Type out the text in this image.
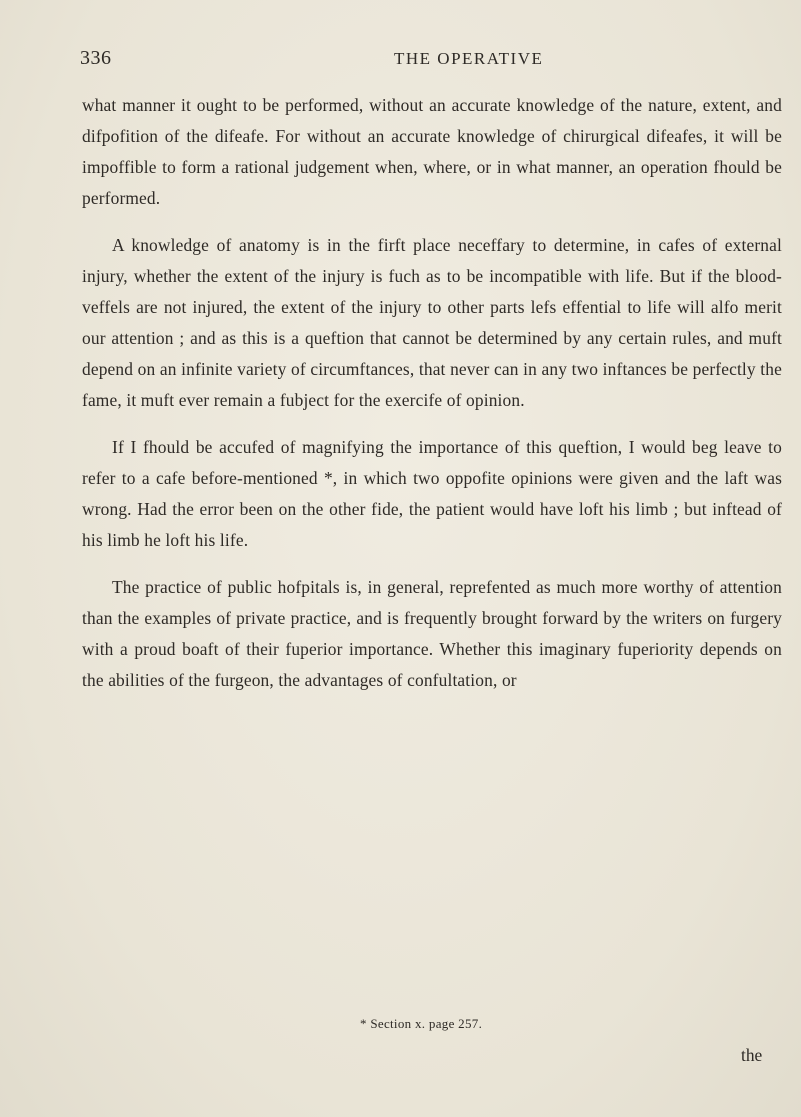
336	THE OPERATIVE

what manner it ought to be performed, without an accurate knowledge of the nature, extent, and difpofition of the difeafe. For without an accurate knowledge of chirurgical difeafes, it will be impoffible to form a rational judgement when, where, or in what manner, an operation fhould be performed.

A knowledge of anatomy is in the firft place neceffary to determine, in cafes of external injury, whether the extent of the injury is fuch as to be incompatible with life. But if the blood-veffels are not injured, the extent of the injury to other parts lefs effential to life will alfo merit our attention ; and as this is a queftion that cannot be determined by any certain rules, and muft depend on an infinite variety of circumftances, that never can in any two inftances be perfectly the fame, it muft ever remain a fubject for the exercife of opinion.

If I fhould be accufed of magnifying the importance of this queftion, I would beg leave to refer to a cafe before-mentioned *, in which two oppofite opinions were given and the laft was wrong. Had the error been on the other fide, the patient would have loft his limb ; but inftead of his limb he loft his life.

The practice of public hofpitals is, in general, reprefented as much more worthy of attention than the examples of private practice, and is frequently brought forward by the writers on furgery with a proud boaft of their fuperior importance. Whether this imaginary fuperiority depends on the abilities of the furgeon, the advantages of confultation, or

* Section x. page 257.
the
